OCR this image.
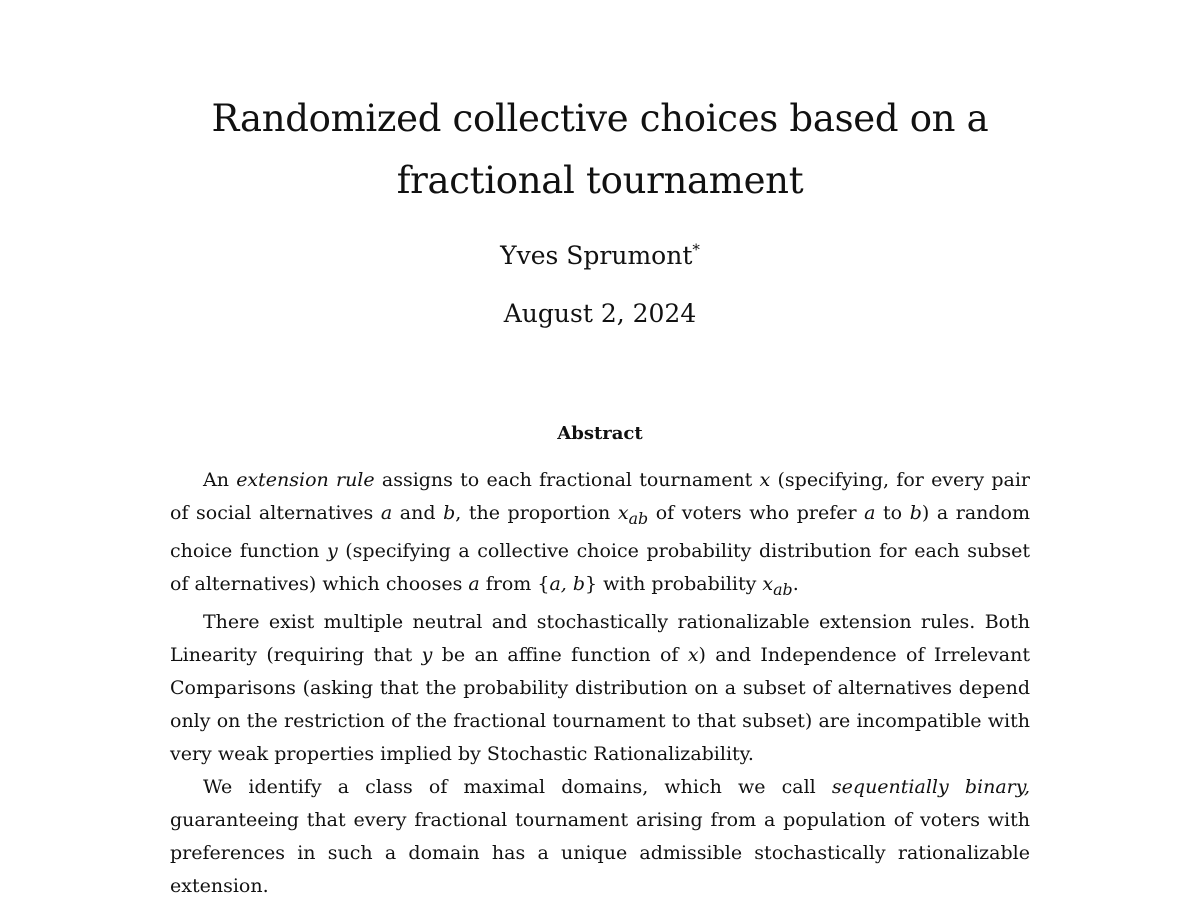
Randomized collective choices based on a
fractional tournament
Yves Sprumont*
August 2, 2024
Abstract

An extension rule assigns to each fractional tournament x (specifying, for every pair of social alternatives a and b, the proportion $x_{ab}$ of voters who prefer a to b) a random choice function y (specifying a collective choice probability distribution for each subset of alternatives) which chooses a from {a, b} with probability $x_{ab}$.

There exist multiple neutral and stochastically rationalizable extension rules. Both Linearity (requiring that y be an affine function of x) and Independence of Irrelevant Comparisons (asking that the probability distribution on a subset of alternatives depend only on the restriction of the fractional tournament to that subset) are incompatible with very weak properties implied by Stochastic Rationalizability.

We identify a class of maximal domains, which we call sequentially binary, guaranteeing that every fractional tournament arising from a population of voters with preferences in such a domain has a unique admissible stochastically rationalizable extension.
